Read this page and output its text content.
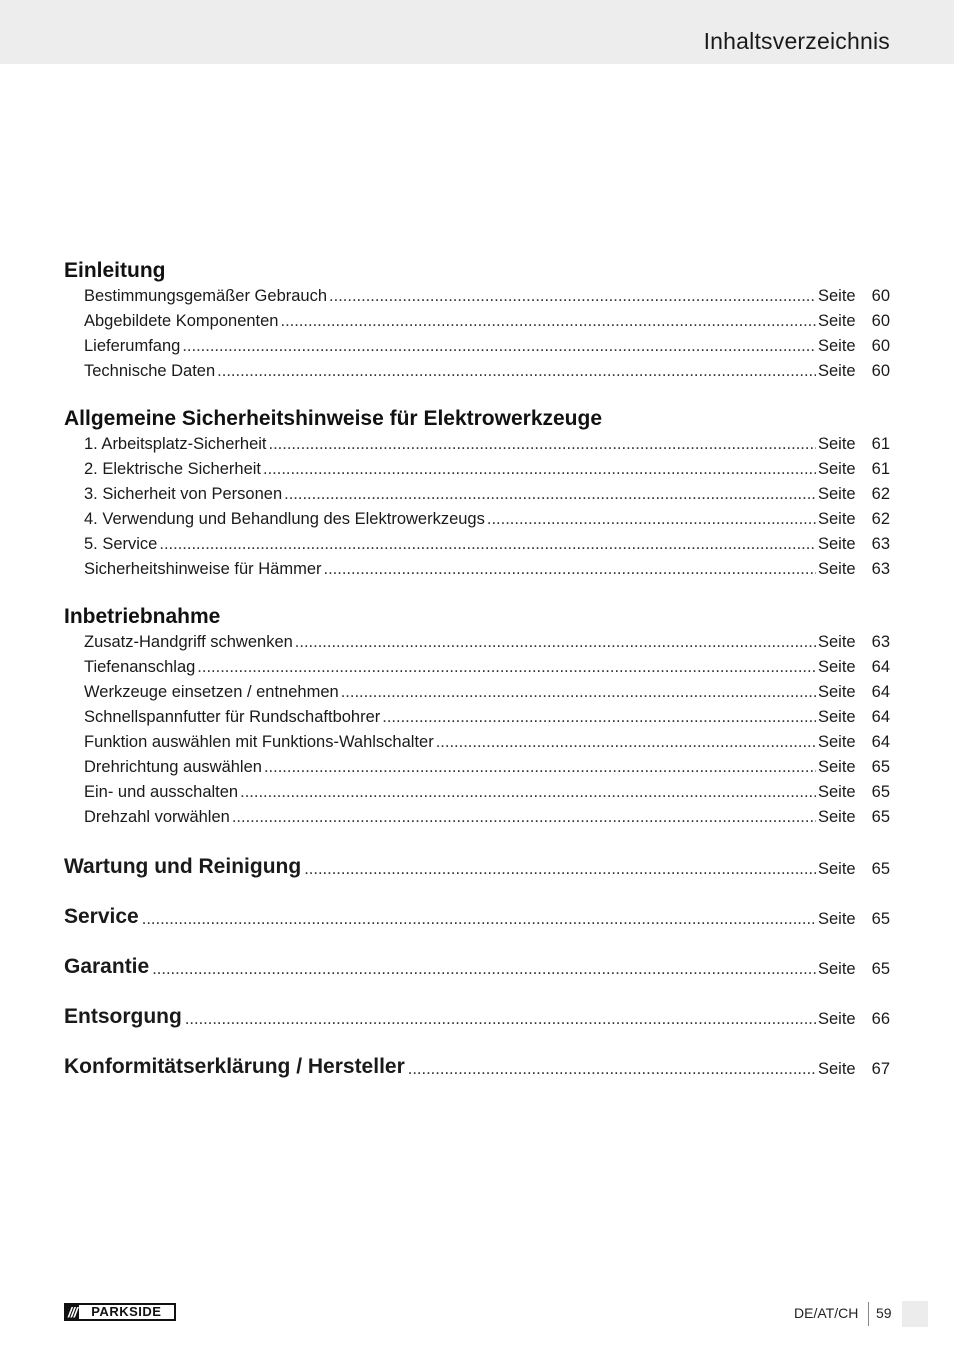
Inhaltsverzeichnis
Einleitung
Bestimmungsgemäßer Gebrauch .....	Seite 60
Abgebildete Komponenten .....	Seite 60
Lieferumfang .....	Seite 60
Technische Daten .....	Seite 60
Allgemeine Sicherheitshinweise für Elektrowerkzeuge
1. Arbeitsplatz-Sicherheit .....	Seite 61
2. Elektrische Sicherheit .....	Seite 61
3. Sicherheit von Personen .....	Seite 62
4. Verwendung und Behandlung des Elektrowerkzeugs .....	Seite 62
5. Service .....	Seite 63
Sicherheitshinweise für Hämmer .....	Seite 63
Inbetriebnahme
Zusatz-Handgriff schwenken .....	Seite 63
Tiefenanschlag .....	Seite 64
Werkzeuge einsetzen / entnehmen .....	Seite 64
Schnellspannfutter für Rundschaftbohrer .....	Seite 64
Funktion auswählen mit Funktions-Wahlschalter .....	Seite 64
Drehrichtung auswählen .....	Seite 65
Ein- und ausschalten .....	Seite 65
Drehzahl vorwählen .....	Seite 65
Wartung und Reinigung .....	Seite 65
Service .....	Seite 65
Garantie .....	Seite 65
Entsorgung .....	Seite 66
Konformitätserklärung / Hersteller .....	Seite 67
///	PARKSIDE	DE/AT/CH 59
